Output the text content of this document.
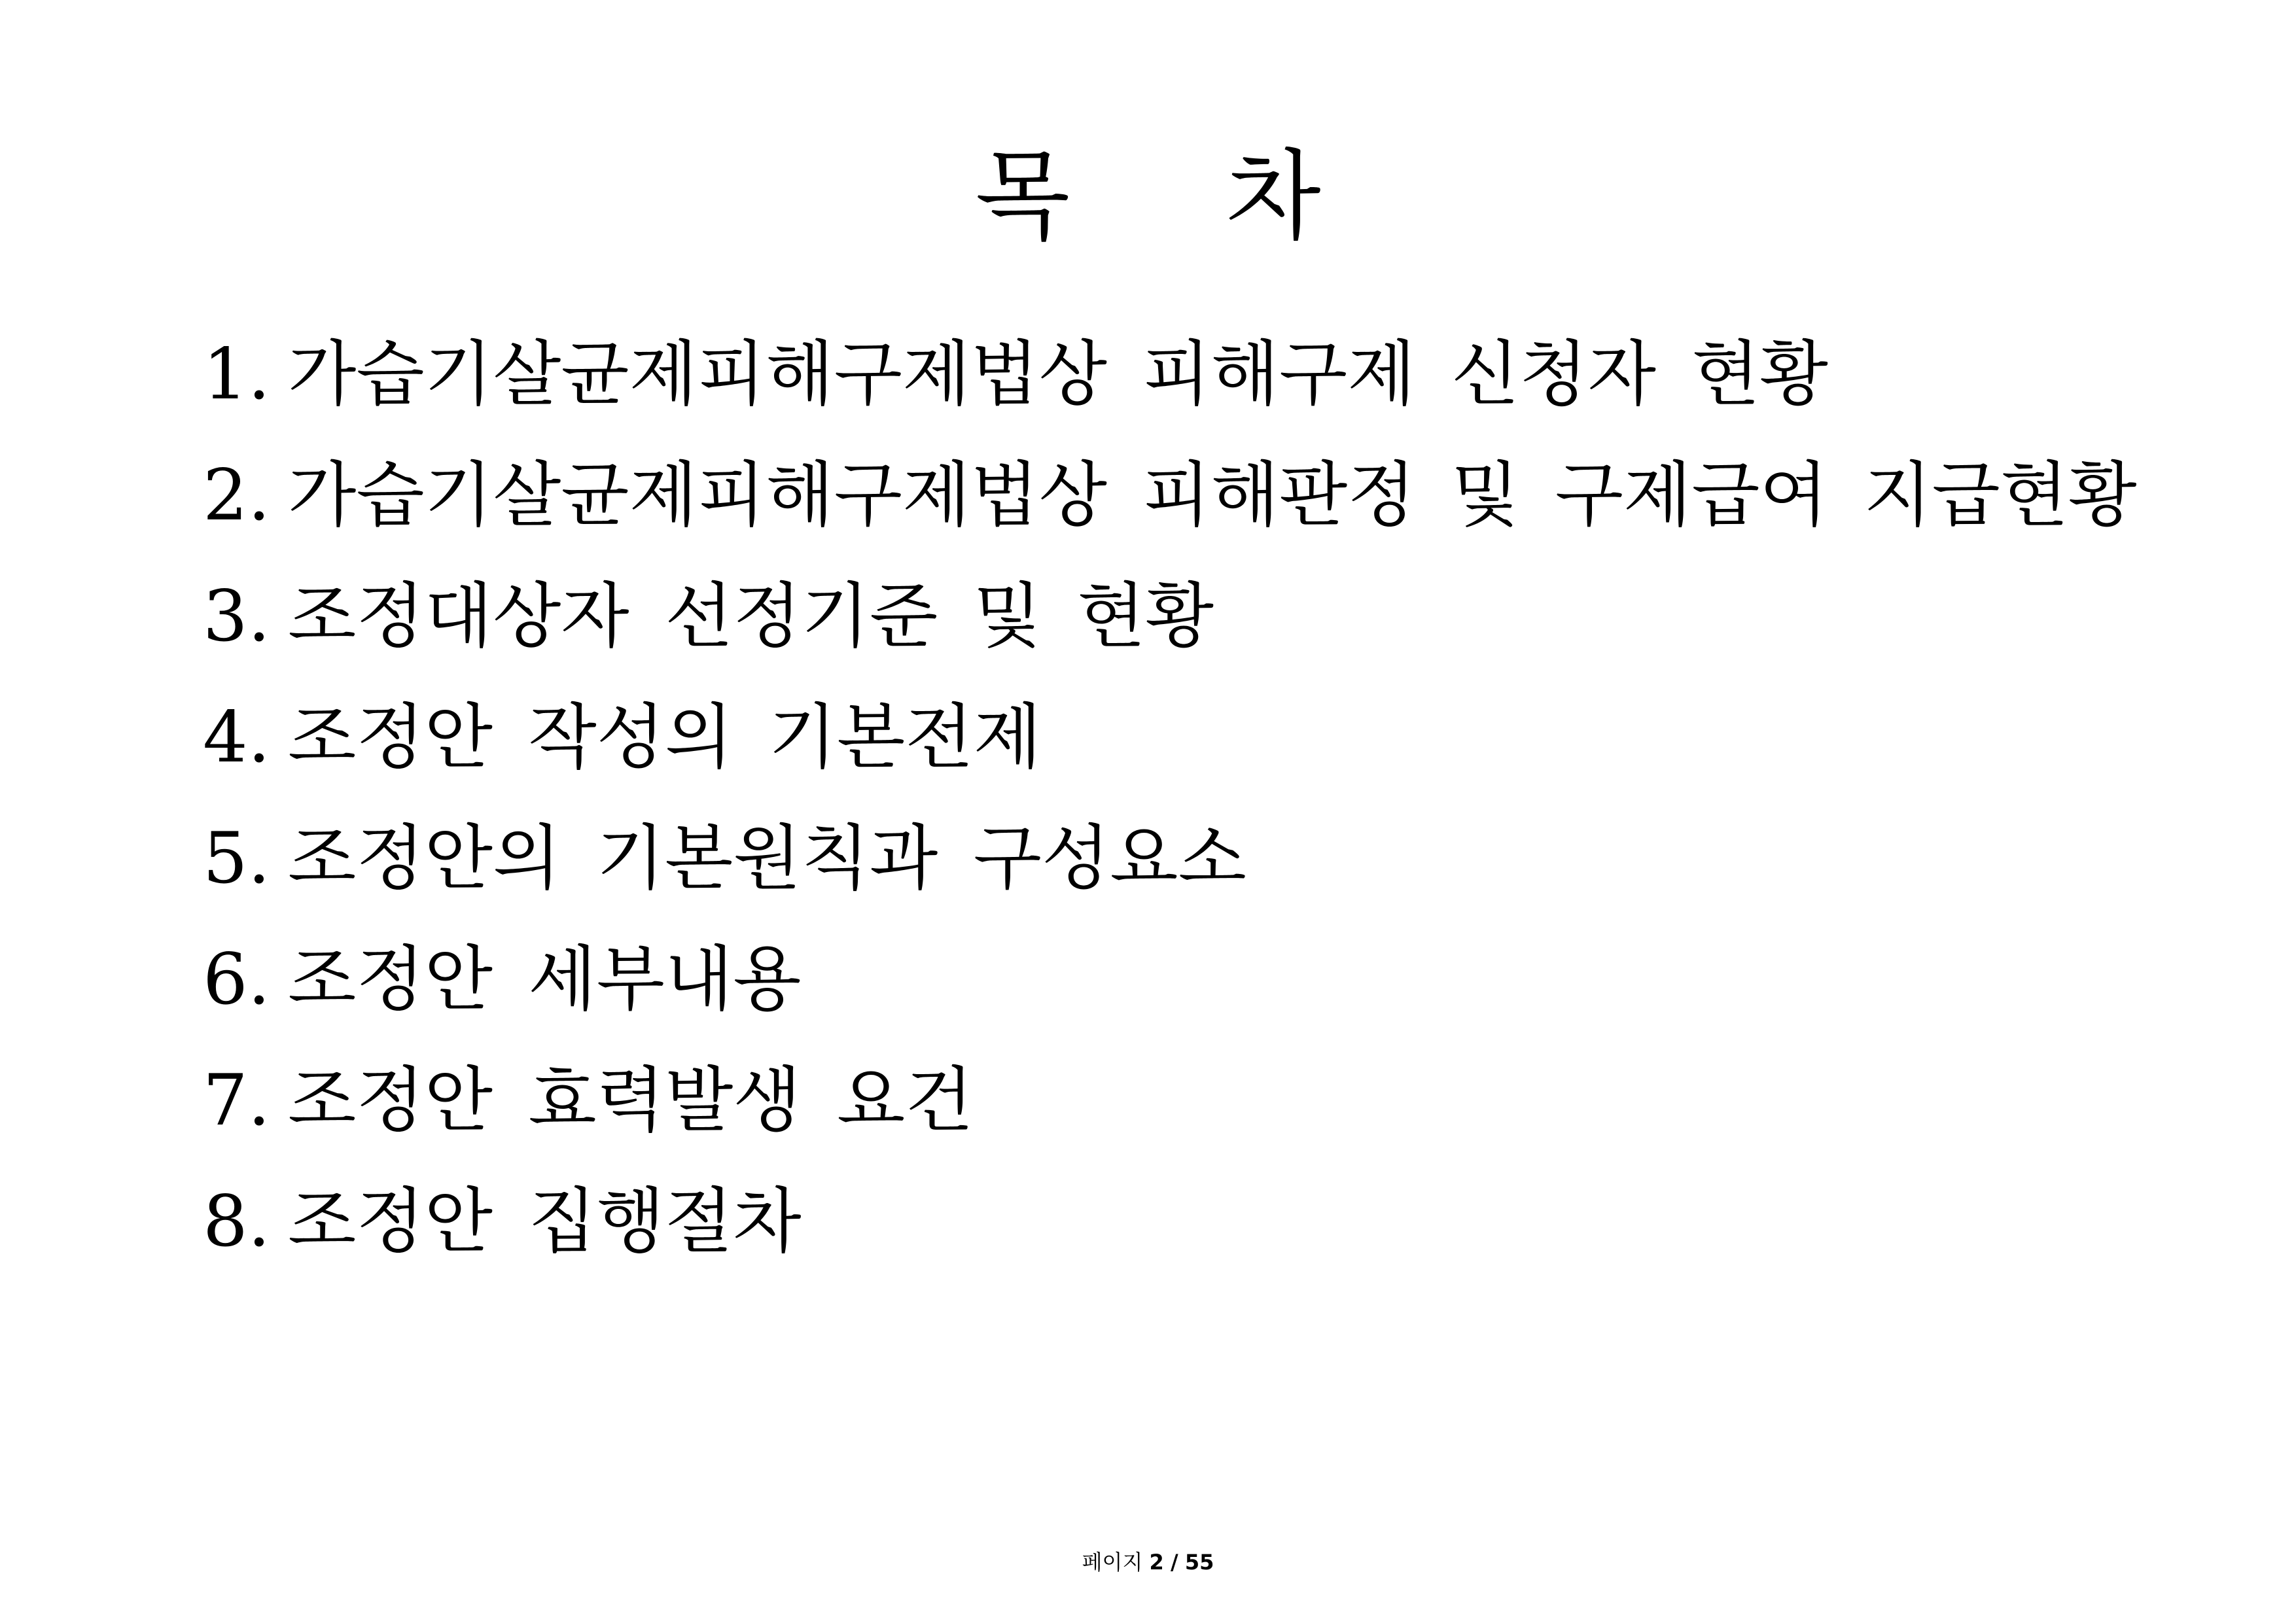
목     차
1. 가습기살균제피해구제법상 피해구제 신청자 현황
2. 가습기살균제피해구제법상 피해판정 및 구제급여 지급현황
3. 조정대상자 선정기준 및 현황
4. 조정안 작성의 기본전제
5. 조정안의 기본원칙과 구성요소
6. 조정안 세부내용
7. 조정안 효력발생 요건
8. 조정안 집행절차
페이지 2 / 55
